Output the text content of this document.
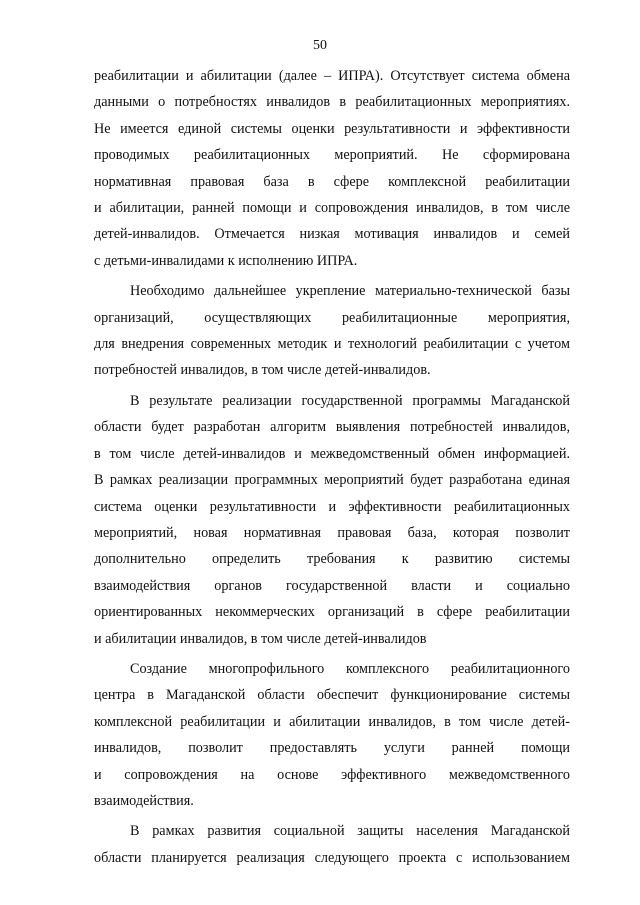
50

реабилитации и абилитации (далее – ИПРА). Отсутствует система обмена
данными о потребностях инвалидов в реабилитационных мероприятиях.
Не имеется единой системы оценки результативности и эффективности
проводимых реабилитационных мероприятий. Не сформирована
нормативная правовая база в сфере комплексной реабилитации
и абилитации, ранней помощи и сопровождения инвалидов, в том числе
детей-инвалидов. Отмечается низкая мотивация инвалидов и семей
с детьми-инвалидами к исполнению ИПРА.

Необходимо дальнейшее укрепление материально-технической базы
организаций, осуществляющих реабилитационные мероприятия,
для внедрения современных методик и технологий реабилитации с учетом
потребностей инвалидов, в том числе детей-инвалидов.

В результате реализации государственной программы Магаданской
области будет разработан алгоритм выявления потребностей инвалидов,
в том числе детей-инвалидов и межведомственный обмен информацией.
В рамках реализации программных мероприятий будет разработана единая
система оценки результативности и эффективности реабилитационных
мероприятий, новая нормативная правовая база, которая позволит
дополнительно определить требования к развитию системы
взаимодействия органов государственной власти и социально
ориентированных некоммерческих организаций в сфере реабилитации
и абилитации инвалидов, в том числе детей-инвалидов

Создание многопрофильного комплексного реабилитационного
центра в Магаданской области обеспечит функционирование системы
комплексной реабилитации и абилитации инвалидов, в том числе детей-
инвалидов, позволит предоставлять услуги ранней помощи
и сопровождения на основе эффективного межведомственного
взаимодействия.

В рамках развития социальной защиты населения Магаданской
области планируется реализация следующего проекта с использованием
